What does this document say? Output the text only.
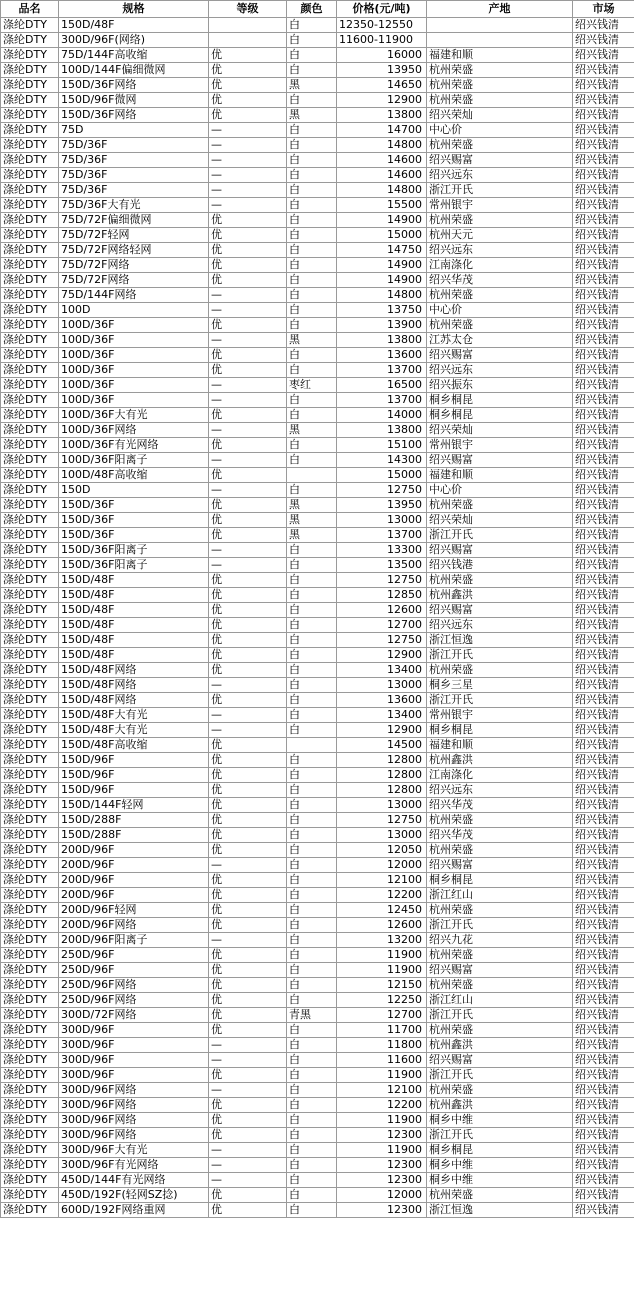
品名	规格	等级	颜色	价格(元/吨)	产地	市场
涤纶DTY	150D/48F		白	12350-12550		绍兴钱清
涤纶DTY	300D/96F(网络)		白	11600-11900		绍兴钱清
涤纶DTY	75D/144F高收缩	优	白	16000	福建和顺	绍兴钱清
涤纶DTY	100D/144F偏细微网	优	白	13950	杭州荣盛	绍兴钱清
涤纶DTY	150D/36F网络	优	黑	14650	杭州荣盛	绍兴钱清
涤纶DTY	150D/96F微网	优	白	12900	杭州荣盛	绍兴钱清
涤纶DTY	150D/36F网络	优	黑	13800	绍兴荣灿	绍兴钱清
涤纶DTY	75D	—	白	14700	中心价	绍兴钱清
涤纶DTY	75D/36F	—	白	14800	杭州荣盛	绍兴钱清
涤纶DTY	75D/36F	—	白	14600	绍兴赐富	绍兴钱清
涤纶DTY	75D/36F	—	白	14600	绍兴远东	绍兴钱清
涤纶DTY	75D/36F	—	白	14800	浙江开氏	绍兴钱清
涤纶DTY	75D/36F大有光	—	白	15500	常州银宇	绍兴钱清
涤纶DTY	75D/72F偏细微网	优	白	14900	杭州荣盛	绍兴钱清
涤纶DTY	75D/72F轻网	优	白	15000	杭州天元	绍兴钱清
涤纶DTY	75D/72F网络轻网	优	白	14750	绍兴远东	绍兴钱清
涤纶DTY	75D/72F网络	优	白	14900	江南涤化	绍兴钱清
涤纶DTY	75D/72F网络	优	白	14900	绍兴华茂	绍兴钱清
涤纶DTY	75D/144F网络	—	白	14800	杭州荣盛	绍兴钱清
涤纶DTY	100D	—	白	13750	中心价	绍兴钱清
涤纶DTY	100D/36F	优	白	13900	杭州荣盛	绍兴钱清
涤纶DTY	100D/36F	—	黑	13800	江苏太仓	绍兴钱清
涤纶DTY	100D/36F	优	白	13600	绍兴赐富	绍兴钱清
涤纶DTY	100D/36F	优	白	13700	绍兴远东	绍兴钱清
涤纶DTY	100D/36F	—	枣红	16500	绍兴振东	绍兴钱清
涤纶DTY	100D/36F	—	白	13700	桐乡桐昆	绍兴钱清
涤纶DTY	100D/36F大有光	优	白	14000	桐乡桐昆	绍兴钱清
涤纶DTY	100D/36F网络	—	黑	13800	绍兴荣灿	绍兴钱清
涤纶DTY	100D/36F有光网络	优	白	15100	常州银宇	绍兴钱清
涤纶DTY	100D/36F阳离子	—	白	14300	绍兴赐富	绍兴钱清
涤纶DTY	100D/48F高收缩	优		15000	福建和顺	绍兴钱清
涤纶DTY	150D	—	白	12750	中心价	绍兴钱清
涤纶DTY	150D/36F	优	黑	13950	杭州荣盛	绍兴钱清
涤纶DTY	150D/36F	优	黑	13000	绍兴荣灿	绍兴钱清
涤纶DTY	150D/36F	优	黑	13700	浙江开氏	绍兴钱清
涤纶DTY	150D/36F阳离子	—	白	13300	绍兴赐富	绍兴钱清
涤纶DTY	150D/36F阳离子	—	白	13500	绍兴钱港	绍兴钱清
涤纶DTY	150D/48F	优	白	12750	杭州荣盛	绍兴钱清
涤纶DTY	150D/48F	优	白	12850	杭州鑫洪	绍兴钱清
涤纶DTY	150D/48F	优	白	12600	绍兴赐富	绍兴钱清
涤纶DTY	150D/48F	优	白	12700	绍兴远东	绍兴钱清
涤纶DTY	150D/48F	优	白	12750	浙江恒逸	绍兴钱清
涤纶DTY	150D/48F	优	白	12900	浙江开氏	绍兴钱清
涤纶DTY	150D/48F网络	优	白	13400	杭州荣盛	绍兴钱清
涤纶DTY	150D/48F网络	—	白	13000	桐乡三星	绍兴钱清
涤纶DTY	150D/48F网络	优	白	13600	浙江开氏	绍兴钱清
涤纶DTY	150D/48F大有光	—	白	13400	常州银宇	绍兴钱清
涤纶DTY	150D/48F大有光	—	白	12900	桐乡桐昆	绍兴钱清
涤纶DTY	150D/48F高收缩	优		14500	福建和顺	绍兴钱清
涤纶DTY	150D/96F	优	白	12800	杭州鑫洪	绍兴钱清
涤纶DTY	150D/96F	优	白	12800	江南涤化	绍兴钱清
涤纶DTY	150D/96F	优	白	12800	绍兴远东	绍兴钱清
涤纶DTY	150D/144F轻网	优	白	13000	绍兴华茂	绍兴钱清
涤纶DTY	150D/288F	优	白	12750	杭州荣盛	绍兴钱清
涤纶DTY	150D/288F	优	白	13000	绍兴华茂	绍兴钱清
涤纶DTY	200D/96F	优	白	12050	杭州荣盛	绍兴钱清
涤纶DTY	200D/96F	—	白	12000	绍兴赐富	绍兴钱清
涤纶DTY	200D/96F	优	白	12100	桐乡桐昆	绍兴钱清
涤纶DTY	200D/96F	优	白	12200	浙江红山	绍兴钱清
涤纶DTY	200D/96F轻网	优	白	12450	杭州荣盛	绍兴钱清
涤纶DTY	200D/96F网络	优	白	12600	浙江开氏	绍兴钱清
涤纶DTY	200D/96F阳离子	—	白	13200	绍兴九花	绍兴钱清
涤纶DTY	250D/96F	优	白	11900	杭州荣盛	绍兴钱清
涤纶DTY	250D/96F	优	白	11900	绍兴赐富	绍兴钱清
涤纶DTY	250D/96F网络	优	白	12150	杭州荣盛	绍兴钱清
涤纶DTY	250D/96F网络	优	白	12250	浙江红山	绍兴钱清
涤纶DTY	300D/72F网络	优	青黑	12700	浙江开氏	绍兴钱清
涤纶DTY	300D/96F	优	白	11700	杭州荣盛	绍兴钱清
涤纶DTY	300D/96F	—	白	11800	杭州鑫洪	绍兴钱清
涤纶DTY	300D/96F	—	白	11600	绍兴赐富	绍兴钱清
涤纶DTY	300D/96F	优	白	11900	浙江开氏	绍兴钱清
涤纶DTY	300D/96F网络	—	白	12100	杭州荣盛	绍兴钱清
涤纶DTY	300D/96F网络	优	白	12200	杭州鑫洪	绍兴钱清
涤纶DTY	300D/96F网络	优	白	11900	桐乡中维	绍兴钱清
涤纶DTY	300D/96F网络	优	白	12300	浙江开氏	绍兴钱清
涤纶DTY	300D/96F大有光	—	白	11900	桐乡桐昆	绍兴钱清
涤纶DTY	300D/96F有光网络	—	白	12300	桐乡中维	绍兴钱清
涤纶DTY	450D/144F有光网络	—	白	12300	桐乡中维	绍兴钱清
涤纶DTY	450D/192F(轻网SZ捻)	优	白	12000	杭州荣盛	绍兴钱清
涤纶DTY	600D/192F网络重网	优	白	12300	浙江恒逸	绍兴钱清
